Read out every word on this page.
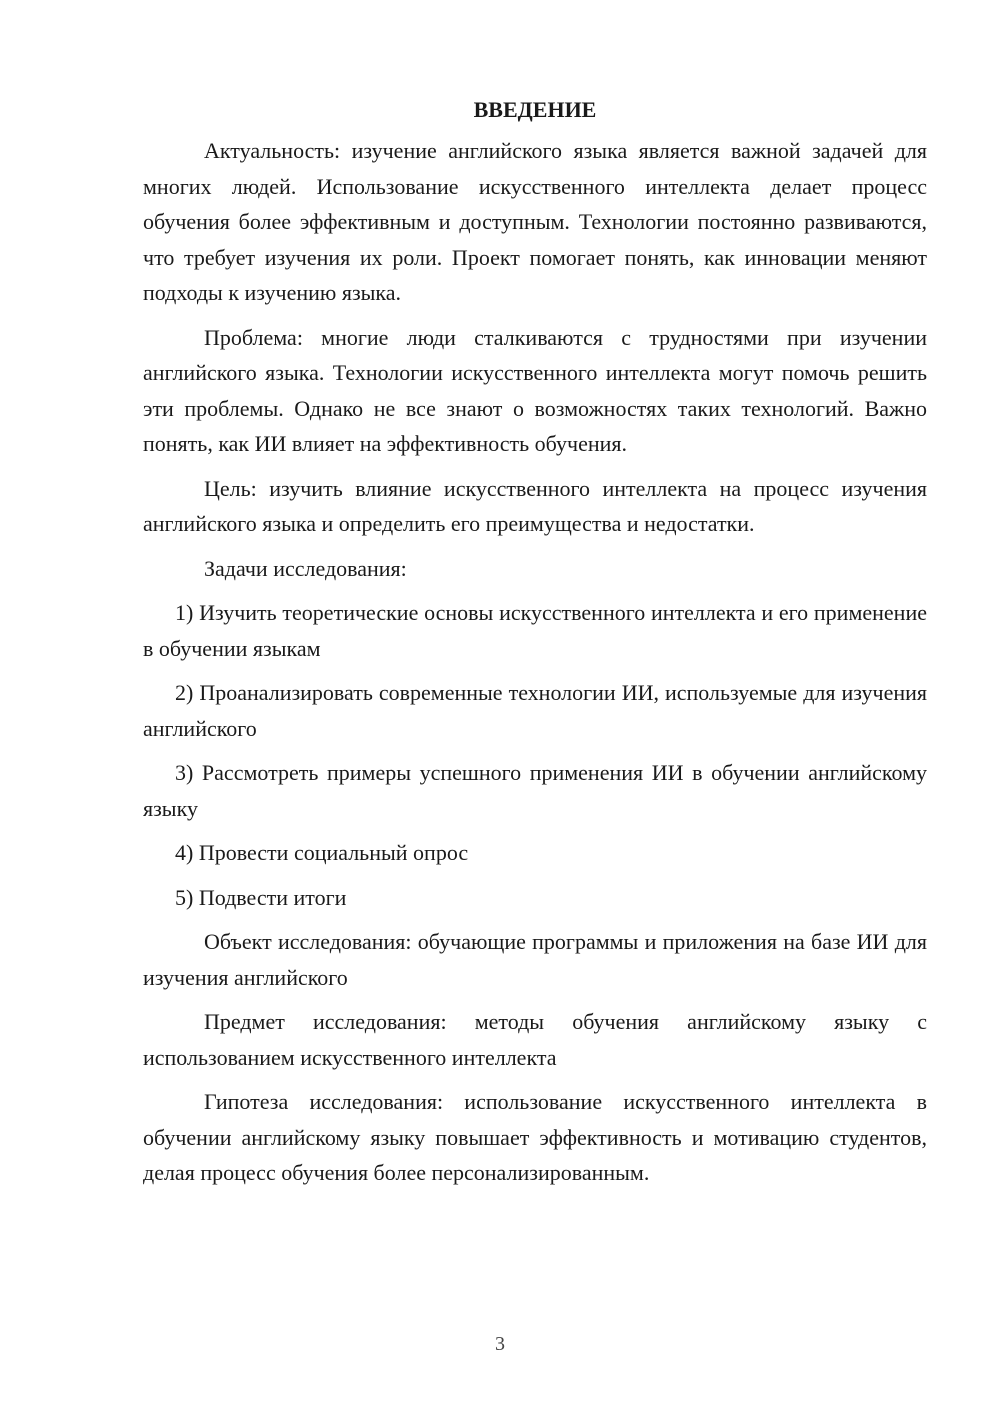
ВВЕДЕНИЕ

Актуальность: изучение английского языка является важной задачей для многих людей. Использование искусственного интеллекта делает процесс обучения более эффективным и доступным. Технологии постоянно развиваются, что требует изучения их роли. Проект помогает понять, как инновации меняют подходы к изучению языка.

Проблема: многие люди сталкиваются с трудностями при изучении английского языка. Технологии искусственного интеллекта могут помочь решить эти проблемы. Однако не все знают о возможностях таких технологий. Важно понять, как ИИ влияет на эффективность обучения.

Цель: изучить влияние искусственного интеллекта на процесс изучения английского языка и определить его преимущества и недостатки.

Задачи исследования:

1) Изучить теоретические основы искусственного интеллекта и его применение в обучении языкам
2) Проанализировать современные технологии ИИ, используемые для изучения английского
3) Рассмотреть примеры успешного применения ИИ в обучении английскому языку
4) Провести социальный опрос
5) Подвести итоги

Объект исследования: обучающие программы и приложения на базе ИИ для изучения английского

Предмет исследования: методы обучения английскому языку с использованием искусственного интеллекта

Гипотеза исследования: использование искусственного интеллекта в обучении английскому языку повышает эффективность и мотивацию студентов, делая процесс обучения более персонализированным.

3
